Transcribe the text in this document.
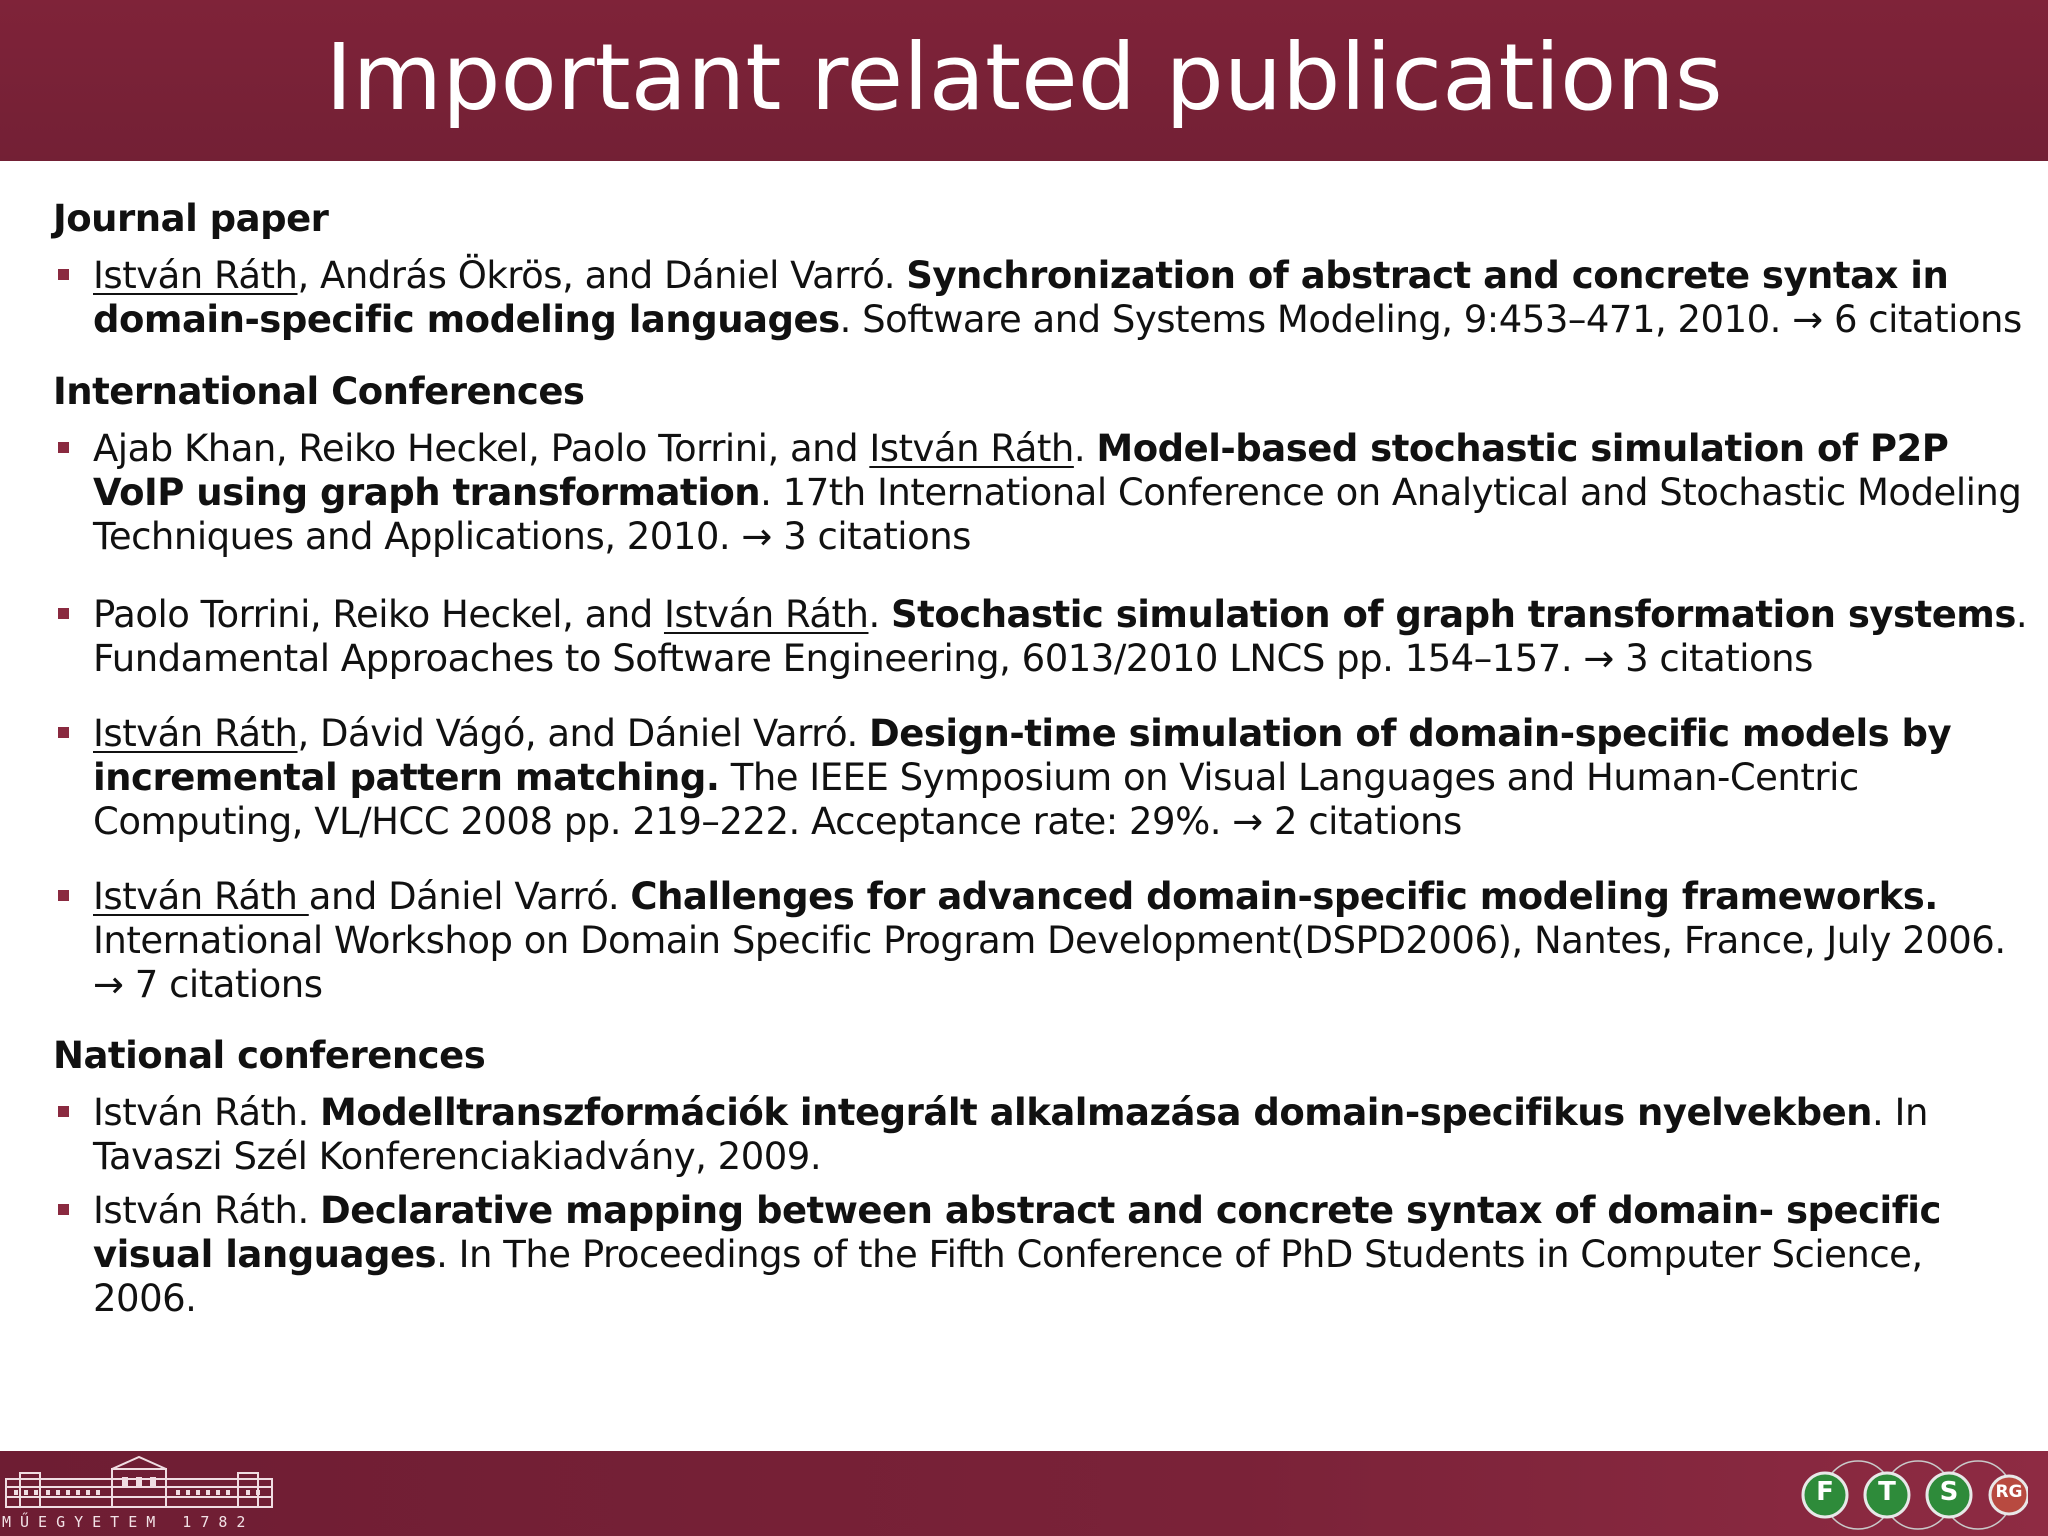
Important related publications

Journal paper

István Ráth, András Ökrös, and Dániel Varró. Synchronization of abstract and concrete syntax in domain-specific modeling languages. Software and Systems Modeling, 9:453–471, 2010. → 6 citations

International Conferences

Ajab Khan, Reiko Heckel, Paolo Torrini, and István Ráth. Model-based stochastic simulation of P2P VoIP using graph transformation. 17th International Conference on Analytical and Stochastic Modeling Techniques and Applications, 2010. → 3 citations

Paolo Torrini, Reiko Heckel, and István Ráth. Stochastic simulation of graph transformation systems. Fundamental Approaches to Software Engineering, 6013/2010 LNCS pp. 154–157. → 3 citations

István Ráth, Dávid Vágó, and Dániel Varró. Design-time simulation of domain-specific models by incremental pattern matching. The IEEE Symposium on Visual Languages and Human-Centric Computing, VL/HCC 2008 pp. 219–222. Acceptance rate: 29%. → 2 citations

István Ráth and Dániel Varró. Challenges for advanced domain-specific modeling frameworks. International Workshop on Domain Specific Program Development(DSPD2006), Nantes, France, July 2006. → 7 citations

National conferences

István Ráth. Modelltranszformációk integrált alkalmazása domain-specifikus nyelvekben. In Tavaszi Szél Konferenciakiadvány, 2009.

István Ráth. Declarative mapping between abstract and concrete syntax of domain- specific visual languages. In The Proceedings of the Fifth Conference of PhD Students in Computer Science, 2006.

MŰEGYETEM 1782
F	T	S	RG
